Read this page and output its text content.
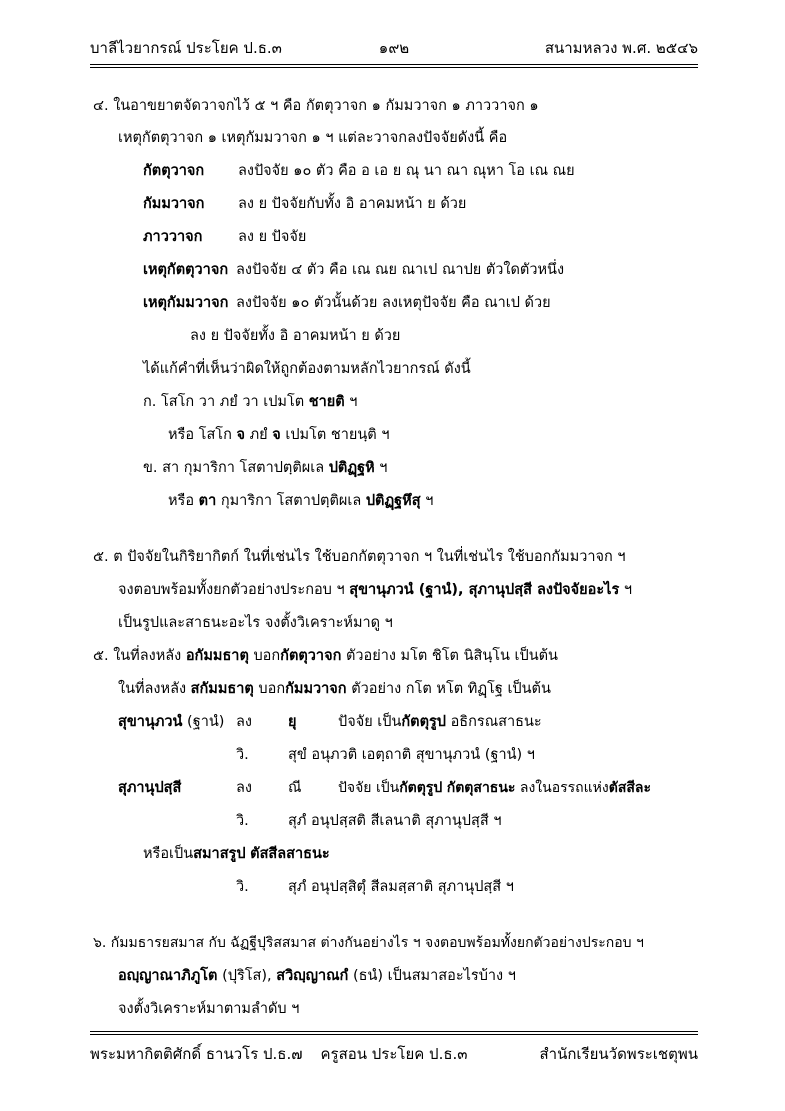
บาลีไวยากรณ์ ประโยค ป.ธ.๓	๑๙๒	สนามหลวง พ.ศ. ๒๕๔๖
๔. ในอาขยาตจัดวาจกไว้ ๕ ฯ คือ กัตตุวาจก ๑ กัมมวาจก ๑ ภาววาจก ๑
เหตุกัตตุวาจก ๑ เหตุกัมมวาจก ๑ ฯ แต่ละวาจกลงปัจจัยดังนี้ คือ
กัตตุวาจก ลงปัจจัย ๑๐ ตัว คือ อ เอ ย ณุ นา ณา ณุหา โอ เณ ณย
กัมมวาจก ลง ย ปัจจัยกับทั้ง อิ อาคมหน้า ย ด้วย
ภาววาจก ลง ย ปัจจัย
เหตุกัตตุวาจก ลงปัจจัย ๔ ตัว คือ เณ ณย ณาเป ณาปย ตัวใดตัวหนึ่ง
เหตุกัมมวาจก ลงปัจจัย ๑๐ ตัวนั้นด้วย ลงเหตุปัจจัย คือ ณาเป ด้วย
ลง ย ปัจจัยทั้ง อิ อาคมหน้า ย ด้วย
ได้แก้คำที่เห็นว่าผิดให้ถูกต้องตามหลักไวยากรณ์ ดังนี้
ก. โสโก วา ภยํ วา เปมโต ชายติ ฯ
หรือ โสโก จ ภยํ จ เปมโต ชายนฺติ ฯ
ข. สา กุมาริกา โสตาปตฺติผเล ปติฏฺฐหิ ฯ
หรือ ตา กุมาริกา โสตาปตฺติผเล ปติฏฺฐหึสุ ฯ
๕. ต ปัจจัยในกิริยากิตก์ ในที่เช่นไร ใช้บอกกัตตุวาจก ฯ ในที่เช่นไร ใช้บอกกัมมวาจก ฯ
จงตอบพร้อมทั้งยกตัวอย่างประกอบ ฯ สุขานุภวนํ (ฐานํ), สุภานุปสฺสี ลงปัจจัยอะไร ฯ
เป็นรูปและสาธนะอะไร จงตั้งวิเคราะห์มาดู ฯ
๕. ในที่ลงหลัง อกัมมธาตุ บอกกัตตุวาจก ตัวอย่าง มโต ชิโต นิสินฺโน เป็นต้น
ในที่ลงหลัง สกัมมธาตุ บอกกัมมวาจก ตัวอย่าง กโต หโต ทิฏฺโฐ เป็นต้น
สุขานุภวนํ (ฐานํ) ลง ยุ	ปัจจัย เป็นกัตตุรูป อธิกรณสาธนะ
วิ.	สุขํ อนุภวติ เอตฺถาติ สุขานุภวนํ (ฐานํ) ฯ
สุภานุปสฺสี	ลง ณี	ปัจจัย เป็นกัตตุรูป กัตตุสาธนะ ลงในอรรถแห่งตัสสีละ
วิ.	สุภํ อนุปสฺสติ สีเลนาติ สุภานุปสฺสี ฯ
หรือเป็นสมาสรูป ตัสสีลสาธนะ
วิ.	สุภํ อนุปสฺสิตุํ สีลมสฺสาติ สุภานุปสฺสี ฯ
๖. กัมมธารยสมาส กับ ฉัฏฐีปุริสสมาส ต่างกันอย่างไร ฯ จงตอบพร้อมทั้งยกตัวอย่างประกอบ ฯ
อญฺญาณาภิภูโต (ปุริโส), สวิญฺญาณกํ (ธนํ) เป็นสมาสอะไรบ้าง ฯ
จงตั้งวิเคราะห์มาตามลำดับ ฯ
พระมหากิตติศักดิ์ ธานวโร ป.ธ.๗	ครูสอน ประโยค ป.ธ.๓	สำนักเรียนวัดพระเชตุพน
